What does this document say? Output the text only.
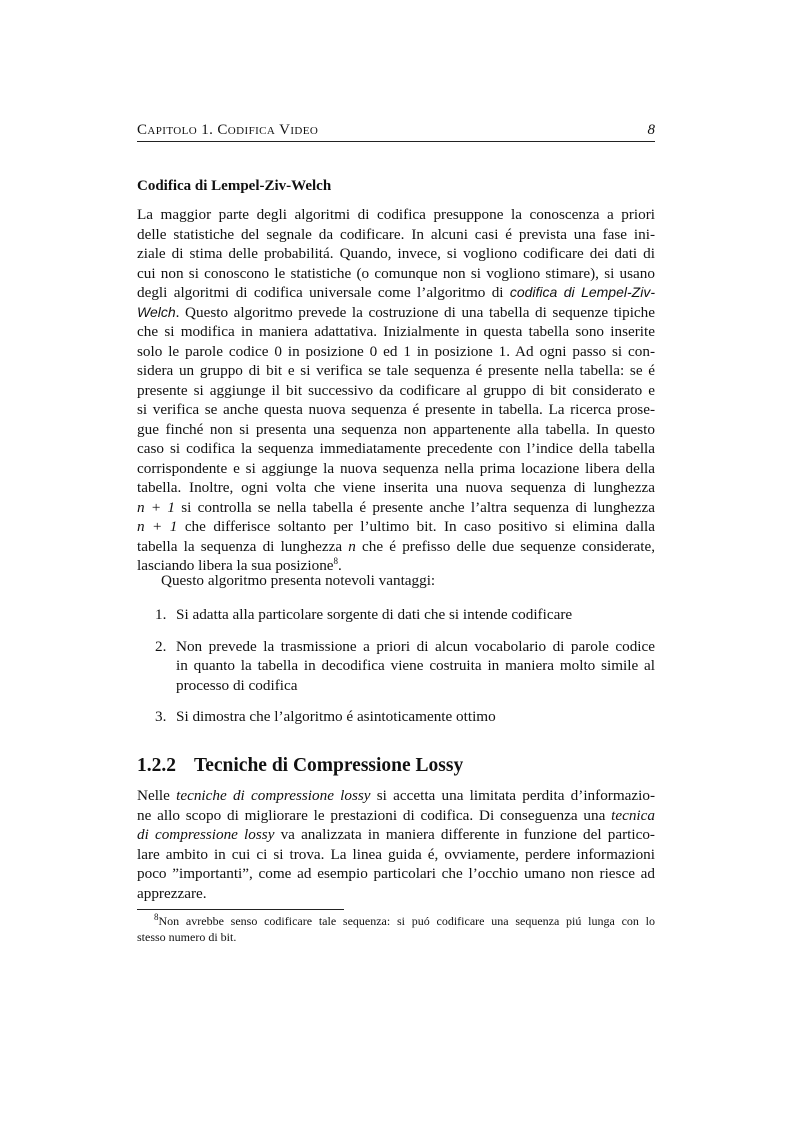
Capitolo 1. Codifica Video	8
Codifica di Lempel-Ziv-Welch

La maggior parte degli algoritmi di codifica presuppone la conoscenza a priori
delle statistiche del segnale da codificare. In alcuni casi é prevista una fase ini-
ziale di stima delle probabilitá. Quando, invece, si vogliono codificare dei dati di
cui non si conoscono le statistiche (o comunque non si vogliono stimare), si usano
degli algoritmi di codifica universale come l’algoritmo di codifica di Lempel-Ziv-
Welch. Questo algoritmo prevede la costruzione di una tabella di sequenze tipiche
che si modifica in maniera adattativa. Inizialmente in questa tabella sono inserite
solo le parole codice 0 in posizione 0 ed 1 in posizione 1. Ad ogni passo si con-
sidera un gruppo di bit e si verifica se tale sequenza é presente nella tabella: se é
presente si aggiunge il bit successivo da codificare al gruppo di bit considerato e
si verifica se anche questa nuova sequenza é presente in tabella. La ricerca prose-
gue finché non si presenta una sequenza non appartenente alla tabella. In questo
caso si codifica la sequenza immediatamente precedente con l’indice della tabella
corrispondente e si aggiunge la nuova sequenza nella prima locazione libera della
tabella. Inoltre, ogni volta che viene inserita una nuova sequenza di lunghezza
n + 1 si controlla se nella tabella é presente anche l’altra sequenza di lunghezza
n + 1 che differisce soltanto per l’ultimo bit. In caso positivo si elimina dalla
tabella la sequenza di lunghezza n che é prefisso delle due sequenze considerate,
lasciando libera la sua posizione$^8$.

Questo algoritmo presenta notevoli vantaggi:
1. Si adatta alla particolare sorgente di dati che si intende codificare
2. Non prevede la trasmissione a priori di alcun vocabolario di parole codice
in quanto la tabella in decodifica viene costruita in maniera molto simile al
processo di codifica
3. Si dimostra che l’algoritmo é asintoticamente ottimo
1.2.2 Tecniche di Compressione Lossy

Nelle tecniche di compressione lossy si accetta una limitata perdita d’informazio-
ne allo scopo di migliorare le prestazioni di codifica. Di conseguenza una tecnica
di compressione lossy va analizzata in maniera differente in funzione del partico-
lare ambito in cui ci si trova. La linea guida é, ovviamente, perdere informazioni
poco ”importanti”, come ad esempio particolari che l’occhio umano non riesce ad
apprezzare.

$^8$Non avrebbe senso codificare tale sequenza: si puó codificare una sequenza piú lunga con lo
stesso numero di bit.
